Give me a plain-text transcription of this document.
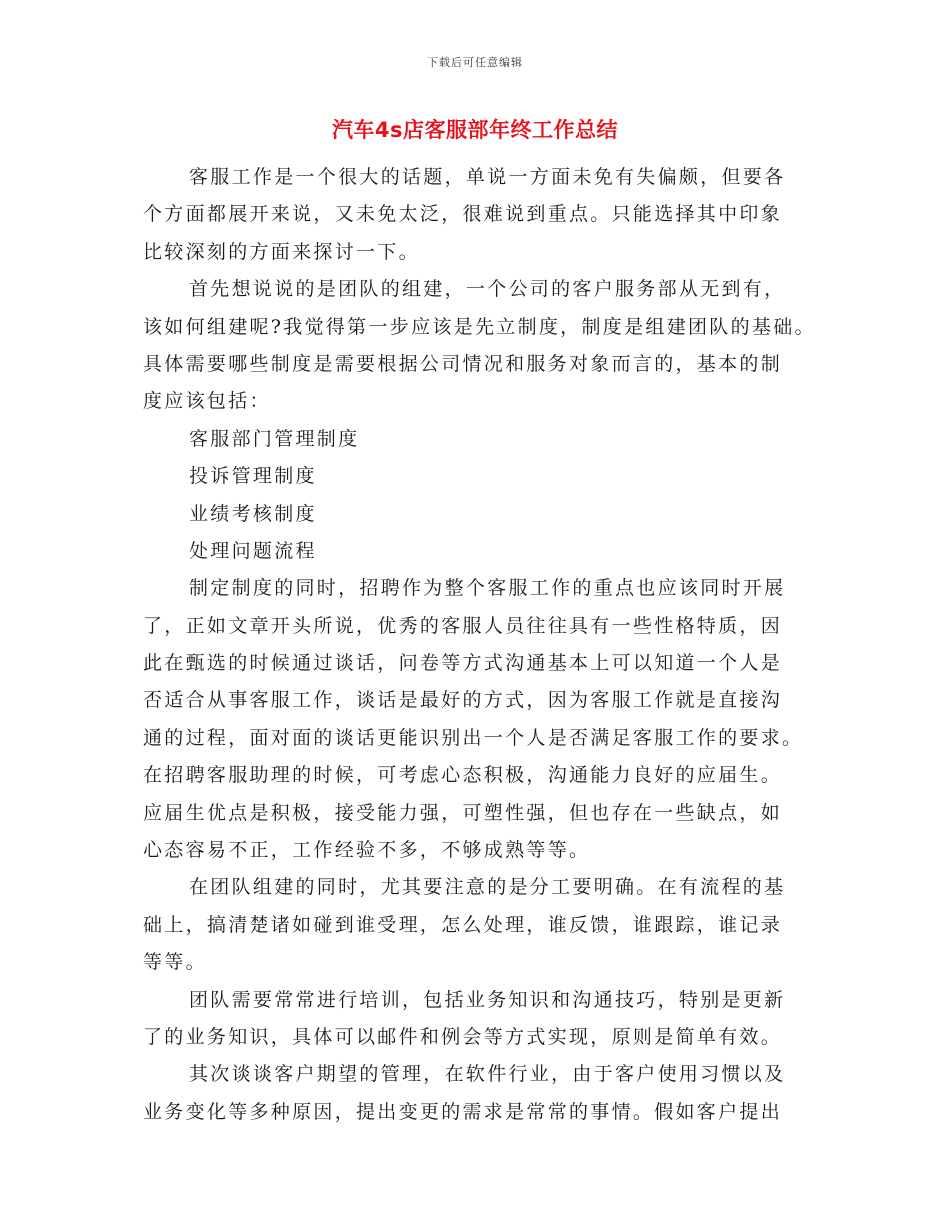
下载后可任意编辑
汽车4s店客服部年终工作总结
客服工作是一个很大的话题，单说一方面未免有失偏颇，但要各
个方面都展开来说，又未免太泛，很难说到重点。只能选择其中印象
比较深刻的方面来探讨一下。
首先想说说的是团队的组建，一个公司的客户服务部从无到有，
该如何组建呢?我觉得第一步应该是先立制度，制度是组建团队的基础。
具体需要哪些制度是需要根据公司情况和服务对象而言的，基本的制
度应该包括：
客服部门管理制度
投诉管理制度
业绩考核制度
处理问题流程
制定制度的同时，招聘作为整个客服工作的重点也应该同时开展
了，正如文章开头所说，优秀的客服人员往往具有一些性格特质，因
此在甄选的时候通过谈话，问卷等方式沟通基本上可以知道一个人是
否适合从事客服工作，谈话是最好的方式，因为客服工作就是直接沟
通的过程，面对面的谈话更能识别出一个人是否满足客服工作的要求。
在招聘客服助理的时候，可考虑心态积极，沟通能力良好的应届生。
应届生优点是积极，接受能力强，可塑性强，但也存在一些缺点，如
心态容易不正，工作经验不多，不够成熟等等。
在团队组建的同时，尤其要注意的是分工要明确。在有流程的基
础上，搞清楚诸如碰到谁受理，怎么处理，谁反馈，谁跟踪，谁记录
等等。
团队需要常常进行培训，包括业务知识和沟通技巧，特别是更新
了的业务知识，具体可以邮件和例会等方式实现，原则是简单有效。
其次谈谈客户期望的管理，在软件行业，由于客户使用习惯以及
业务变化等多种原因，提出变更的需求是常常的事情。假如客户提出
